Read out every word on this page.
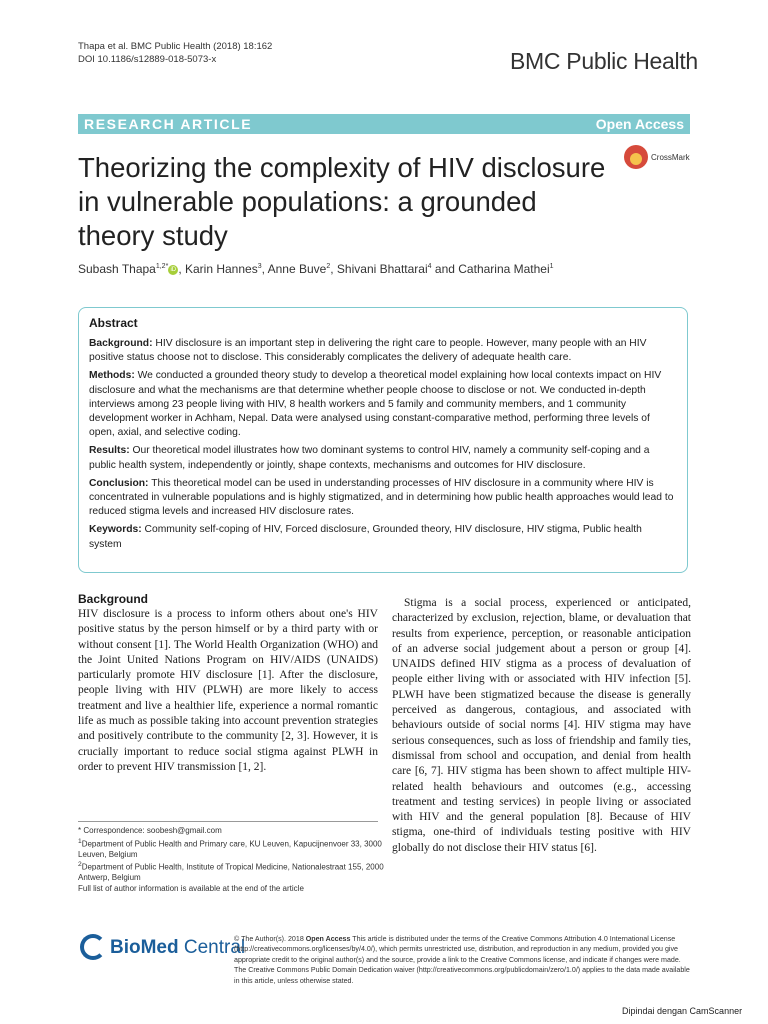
Thapa et al. BMC Public Health (2018) 18:162
DOI 10.1186/s12889-018-5073-x	BMC Public Health
RESEARCH ARTICLE	Open Access
Theorizing the complexity of HIV disclosure in vulnerable populations: a grounded theory study
CrossMark
Subash Thapa$^{1,2*}$ iD , Karin Hannes$^3$, Anne Buve$^2$, Shivani Bhattarai$^4$ and Catharina Mathei$^1$
Abstract

Background: HIV disclosure is an important step in delivering the right care to people. However, many people with an HIV positive status choose not to disclose. This considerably complicates the delivery of adequate health care.

Methods: We conducted a grounded theory study to develop a theoretical model explaining how local contexts impact on HIV disclosure and what the mechanisms are that determine whether people choose to disclose or not. We conducted in-depth interviews among 23 people living with HIV, 8 health workers and 5 family and community members, and 1 community development worker in Achham, Nepal. Data were analysed using constant-comparative method, performing three levels of open, axial, and selective coding.

Results: Our theoretical model illustrates how two dominant systems to control HIV, namely a community self-coping and a public health system, independently or jointly, shape contexts, mechanisms and outcomes for HIV disclosure.

Conclusion: This theoretical model can be used in understanding processes of HIV disclosure in a community where HIV is concentrated in vulnerable populations and is highly stigmatized, and in determining how public health approaches would lead to reduced stigma levels and increased HIV disclosure rates.

Keywords: Community self-coping of HIV, Forced disclosure, Grounded theory, HIV disclosure, HIV stigma, Public health system

Background

HIV disclosure is a process to inform others about one's HIV positive status by the person himself or by a third party with or without consent [1]. The World Health Organization (WHO) and the Joint United Nations Program on HIV/AIDS (UNAIDS) particularly promote HIV disclosure [1]. After the disclosure, people living with HIV (PLWH) are more likely to access treatment and live a healthier life, experience a normal romantic life as much as possible taking into account prevention strategies and positively contribute to the community [2, 3]. However, it is crucially important to reduce social stigma against PLWH in order to prevent HIV transmission [1, 2].

Stigma is a social process, experienced or anticipated, characterized by exclusion, rejection, blame, or devaluation that results from experience, perception, or reasonable anticipation of an adverse social judgement about a person or group [4]. UNAIDS defined HIV stigma as a process of devaluation of people either living with or associated with HIV infection [5]. PLWH have been stigmatized because the disease is generally perceived as dangerous, contagious, and associated with behaviours outside of social norms [4]. HIV stigma may have serious consequences, such as loss of friendship and family ties, dismissal from school and occupation, and denial from health care [6, 7]. HIV stigma has been shown to affect multiple HIV-related health behaviours and outcomes (e.g., accessing treatment and testing services) in people living or associated with HIV and the general population [8]. Because of HIV stigma, one-third of individuals testing positive with HIV globally do not disclose their HIV status [6].

* Correspondence: soobesh@gmail.com

$^1$Department of Public Health and Primary care, KU Leuven, Kapucijnenvoer 33, 3000 Leuven, Belgium

$^2$Department of Public Health, Institute of Tropical Medicine, Nationalestraat 155, 2000 Antwerp, Belgium

Full list of author information is available at the end of the article

BioMed Central
© The Author(s). 2018 Open Access This article is distributed under the terms of the Creative Commons Attribution 4.0 International License (http://creativecommons.org/licenses/by/4.0/), which permits unrestricted use, distribution, and reproduction in any medium, provided you give appropriate credit to the original author(s) and the source, provide a link to the Creative Commons license, and indicate if changes were made. The Creative Commons Public Domain Dedication waiver (http://creativecommons.org/publicdomain/zero/1.0/) applies to the data made available in this article, unless otherwise stated.
Dipindai dengan CamScanner
